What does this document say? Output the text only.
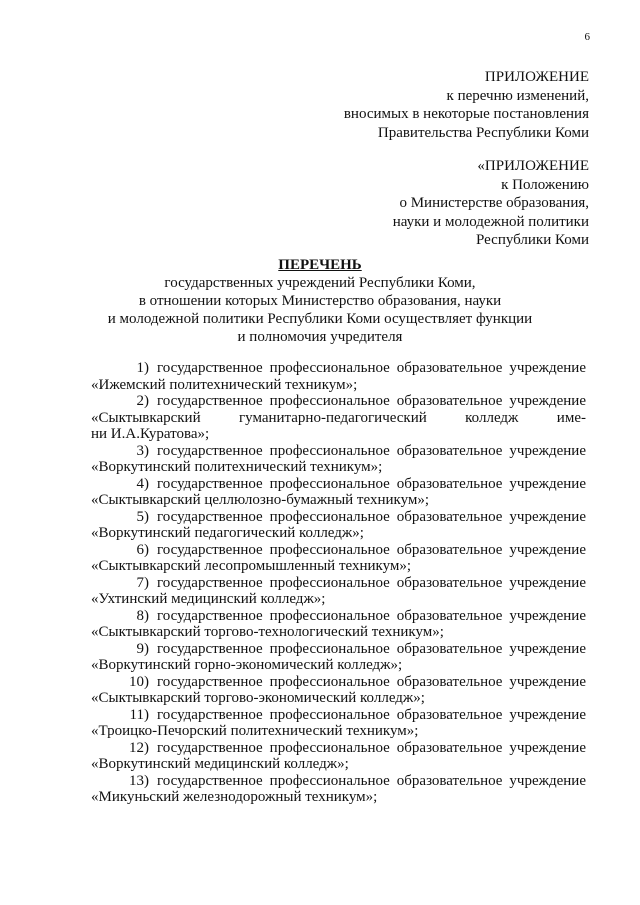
6
ПРИЛОЖЕНИЕ
к перечню изменений,
вносимых в некоторые постановления
Правительства Республики Коми
«ПРИЛОЖЕНИЕ
к Положению
о Министерстве образования,
науки и молодежной политики
Республики Коми
ПЕРЕЧЕНЬ
государственных учреждений Республики Коми,
в отношении которых Министерство образования, науки
и молодежной политики Республики Коми осуществляет функции
и полномочия учредителя
1) государственное профессиональное образовательное учреждение
«Ижемский политехнический техникум»;
2) государственное профессиональное образовательное учреждение
«Сыктывкарский	гуманитарно-педагогический	колледж	име-
ни И.А.Куратова»;
3) государственное профессиональное образовательное учреждение
«Воркутинский политехнический техникум»;
4) государственное профессиональное образовательное учреждение
«Сыктывкарский целлюлозно-бумажный техникум»;
5) государственное профессиональное образовательное учреждение
«Воркутинский педагогический колледж»;
6) государственное профессиональное образовательное учреждение
«Сыктывкарский лесопромышленный техникум»;
7) государственное профессиональное образовательное учреждение
«Ухтинский медицинский колледж»;
8) государственное профессиональное образовательное учреждение
«Сыктывкарский торгово-технологический техникум»;
9) государственное профессиональное образовательное учреждение
«Воркутинский горно-экономический колледж»;
10) государственное профессиональное образовательное учреждение
«Сыктывкарский торгово-экономический колледж»;
11) государственное профессиональное образовательное учреждение
«Троицко-Печорский политехнический техникум»;
12) государственное профессиональное образовательное учреждение
«Воркутинский медицинский колледж»;
13) государственное профессиональное образовательное учреждение
«Микуньский железнодорожный техникум»;
